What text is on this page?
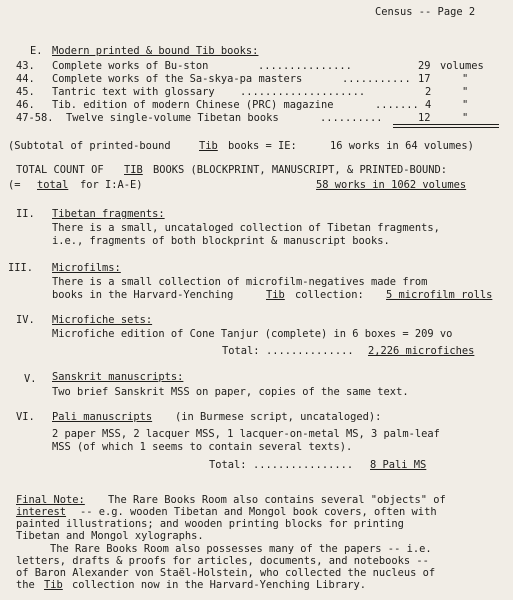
Census -- Page 2
E. Modern printed & bound Tib books:
43. Complete works of Bu-ston	...............	29 volumes
44. Complete works of the Sa-skya-pa masters	........... 17	"
45. Tantric text with glossary ....................	2	"
46. Tib. edition of modern Chinese (PRC) magazine	....... 4	"
47-58. Twelve single-volume Tibetan books	..........	12	"
(Subtotal of printed-bound	Tib books = IE:	16 works in 64 volumes)
TOTAL COUNT OF TIB BOOKS (BLOCKPRINT, MANUSCRIPT, & PRINTED-BOUND:
(= total for I:A-E)	58 works in 1062 volumes
II. Tibetan fragments:
There is a small, uncataloged collection of Tibetan fragments,
i.e., fragments of both blockprint & manuscript books.
III. Microfilms:
There is a small collection of microfilm-negatives made from
books in the Harvard-Yenching	Tib collection: 5 microfilm rolls
IV. Microfiche sets:
Microfiche edition of Cone Tanjur (complete) in 6 boxes = 209 vo
Total: .............. 2,226 microfiches
V. Sanskrit manuscripts:
Two brief Sanskrit MSS on paper, copies of the same text.
VI. Pali manuscripts (in Burmese script, uncataloged):
2 paper MSS, 2 lacquer MSS, 1 lacquer-on-metal MS, 3 palm-leaf
MSS (of which 1 seems to contain several texts).
Total: ................ 8 Pali MS
Final Note: The Rare Books Room also contains several "objects" of
interest -- e.g. wooden Tibetan and Mongol book covers, often with
painted illustrations; and wooden printing blocks for printing
Tibetan and Mongol xylographs.
The Rare Books Room also possesses many of the papers -- i.e.
letters, drafts & proofs for articles, documents, and notebooks --
of Baron Alexander von Staël-Holstein, who collected the nucleus of
the Tib collection now in the Harvard-Yenching Library.
